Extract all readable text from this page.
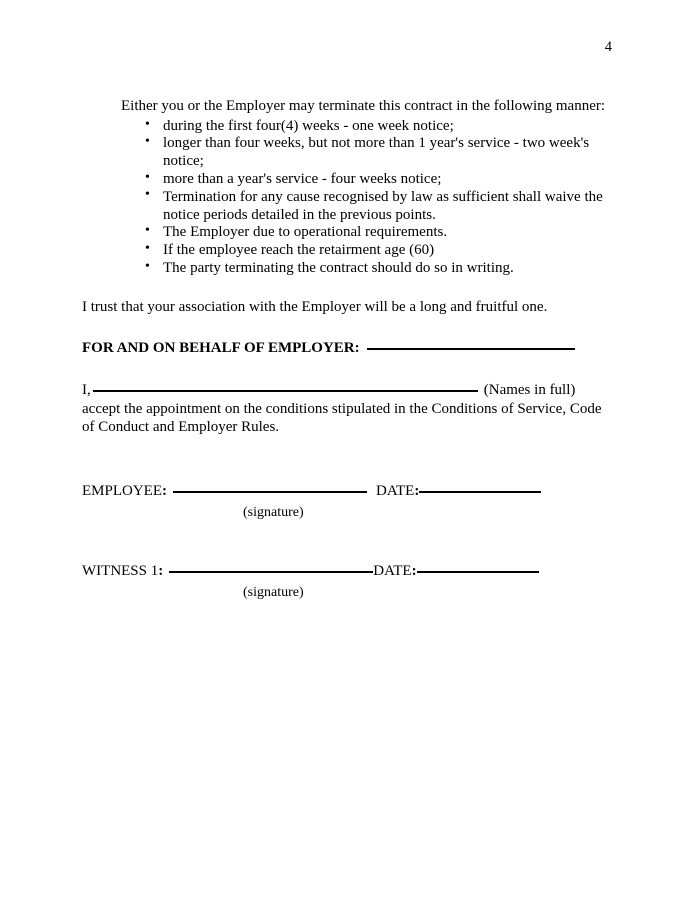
4

Either you or the Employer may terminate this contract in the following manner:

• during the first four(4) weeks - one week notice;
• longer than four weeks, but not more than 1 year's service - two week's notice;
• more than a year's service - four weeks notice;
• Termination for any cause recognised by law as sufficient shall waive the notice periods detailed in the previous points.
• The Employer due to operational requirements.
• If the employee reach the retairment age (60)
• The party terminating the contract should do so in writing.

I trust that your association with the Employer will be a long and fruitful one.

FOR AND ON BEHALF OF EMPLOYER:

I,	(Names in full)
accept the appointment on the conditions stipulated in the Conditions of Service, Code of Conduct and Employer Rules.
EMPLOYEE:	DATE:
(signature)
WITNESS 1:	DATE:
(signature)
